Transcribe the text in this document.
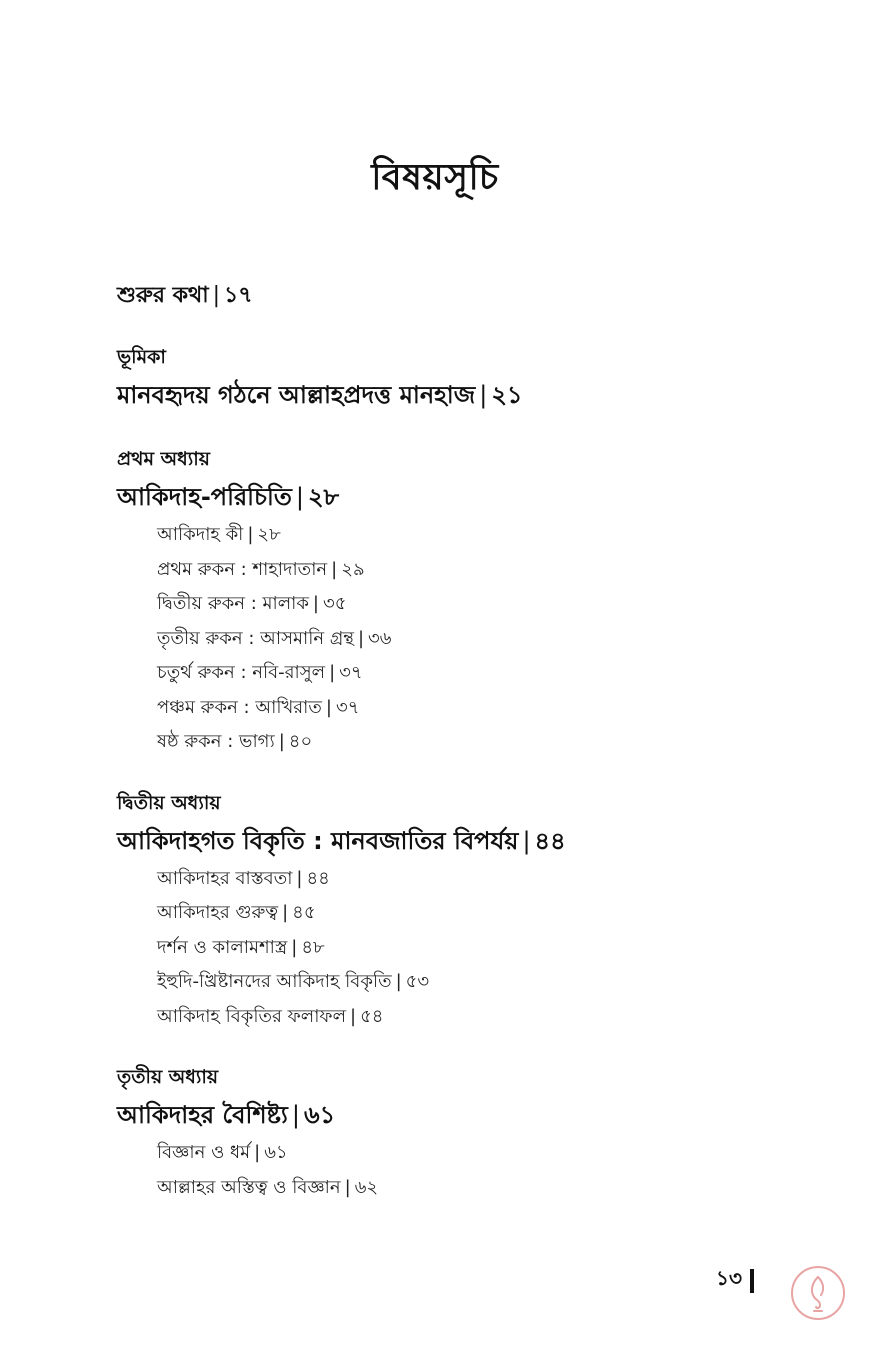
বিষয়সূচি
শুরুর কথা | ১৭
ভূমিকা
মানবহৃদয় গঠনে আল্লাহপ্রদত্ত মানহাজ | ২১
প্রথম অধ্যায়
আকিদাহ-পরিচিতি | ২৮
আকিদাহ কী | ২৮
প্রথম রুকন : শাহাদাতান | ২৯
দ্বিতীয় রুকন : মালাক | ৩৫
তৃতীয় রুকন : আসমানি গ্রন্থ | ৩৬
চতুর্থ রুকন : নবি-রাসুল | ৩৭
পঞ্চম রুকন : আখিরাত | ৩৭
ষষ্ঠ রুকন : ভাগ্য | ৪০
দ্বিতীয় অধ্যায়
আকিদাহগত বিকৃতি : মানবজাতির বিপর্যয় | ৪৪
আকিদাহর বাস্তবতা | ৪৪
আকিদাহর গুরুত্ব | ৪৫
দর্শন ও কালামশাস্ত্র | ৪৮
ইহুদি-খ্রিষ্টানদের আকিদাহ বিকৃতি | ৫৩
আকিদাহ বিকৃতির ফলাফল | ৫৪
তৃতীয় অধ্যায়
আকিদাহর বৈশিষ্ট্য | ৬১
বিজ্ঞান ও ধর্ম | ৬১
আল্লাহর অস্তিত্ব ও বিজ্ঞান | ৬২
১৩
